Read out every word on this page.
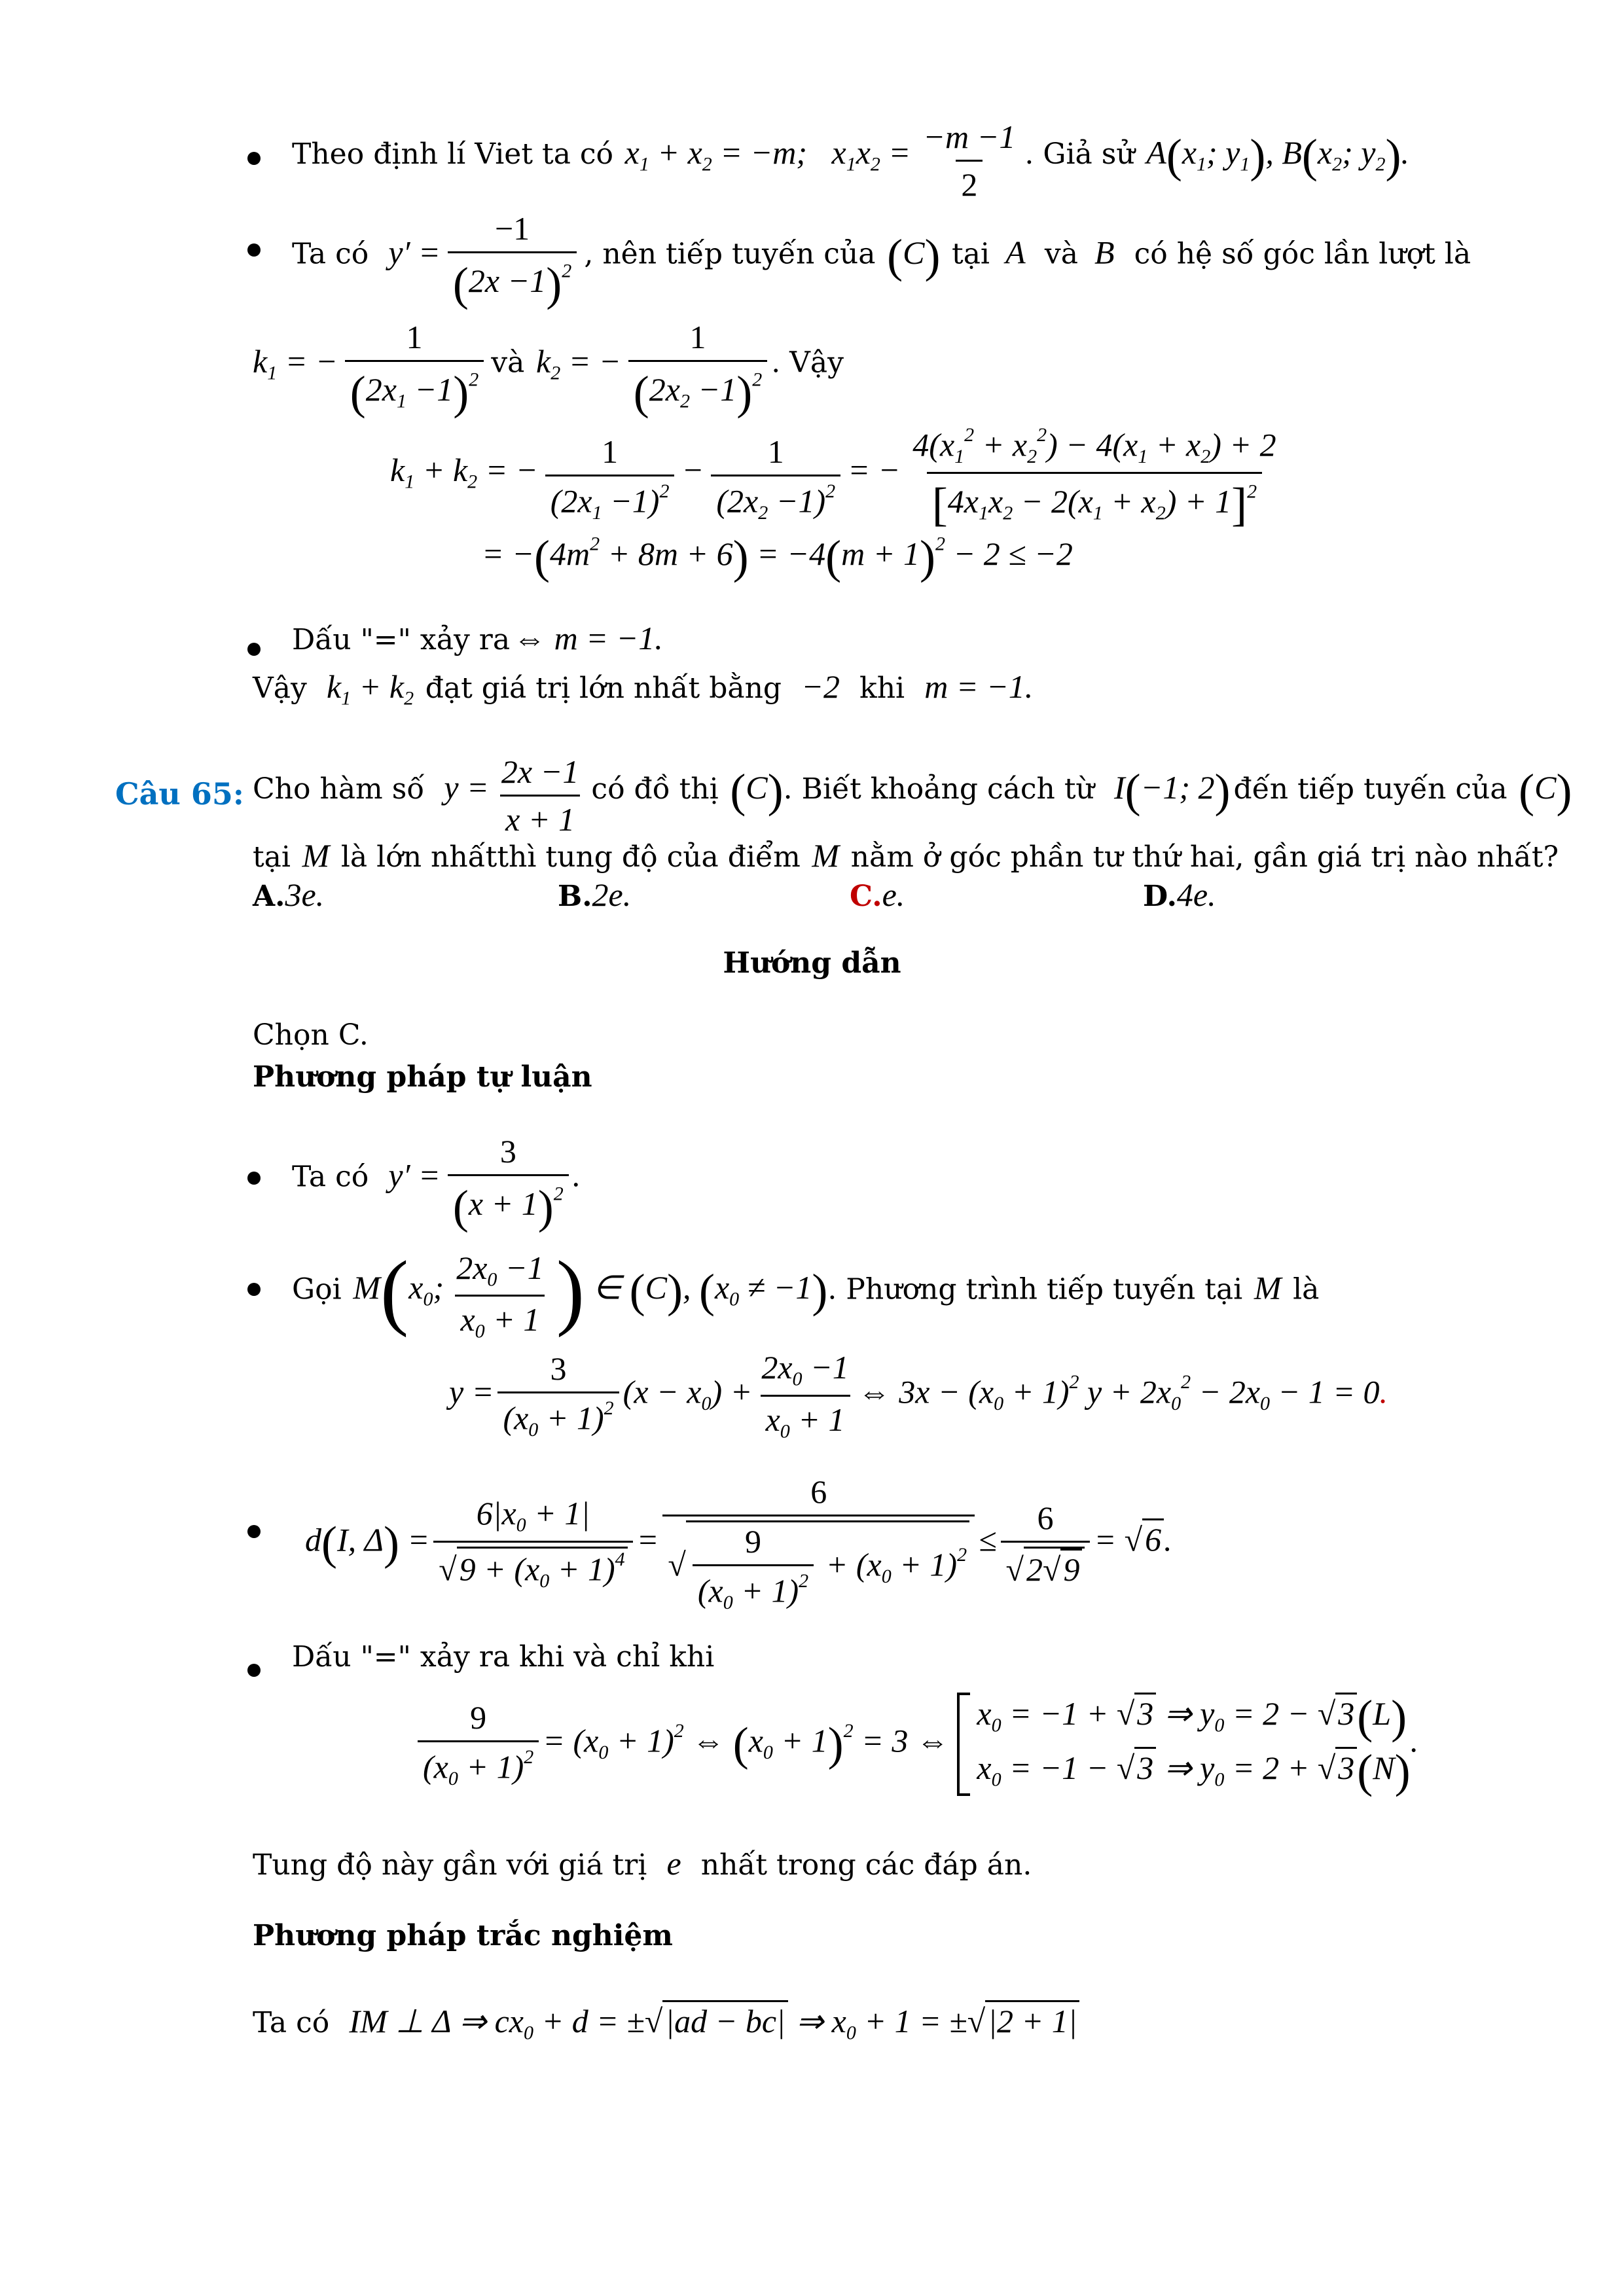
Theo định lí Viet ta có  $x_1 + x_2 = -m$;   $x_1x_2 = \frac{-m -1}{2}$ . Giả sử  $A(x_1$; $y_1$), $B(x_2$; $y_2$).
Ta có   $y' = \frac{-1}{(2x -1)^2}$ , nên tiếp tuyến của (C) tại  A   và  B   có hệ số góc lần lượt là
$k_1$ = − $\frac{1}{(2x_1 -1)^2}$ và  $k_2$ = − $\frac{1}{(2x_2 -1)^2}$ . Vậy
$k_1 + k_2$ = − $\frac{1}{(2x_1 -1)^2} - \frac{1}{(2x_2 -1)^2}$ = − $\frac{4(x_1^2 + x_2^2) - 4(x_1 + x_2) + 2}{[4x_1x_2 - 2(x_1 + x_2) + 1]^2}$
= $-(4m^2 + 8m + 6) = -4(m + 1)^2 - 2 \le -2$
Dấu "=" xảy ra ⇔ m = −1.
Vậy   $k_1 + k_2$ đạt giá trị lớn nhất bằng   −2   khi   m = −1.
Câu 65: Cho hàm số   $y = \frac{2x -1}{x + 1}$ có đồ thị (C). Biết khoảng cách từ   I(−1; 2) đến tiếp tuyến của (C)
tại  M  là lớn nhấtthì tung độ của điểm  M  nằm ở góc phần tư thứ hai, gần giá trị nào nhất?
A.3e.	B.2e.	C.e.	D.4e.
Hướng dẫn
Chọn C.
Phương pháp tự luận
Ta có   $y' = \frac{3}{(x + 1)^2}$ .
Gọi  $M(x_0$; $\frac{2x_0 -1}{x_0 + 1}$ ) ∈ (C), $(x_0 \ne -1)$. Phương trình tiếp tuyến tại  M  là
$y = \frac{3}{(x_0 + 1)^2} (x - x_0) + \frac{2x_0 -1}{x_0 + 1}$ ⇔ $3x - (x_0 + 1)^2$ $y + 2x_0^2 - 2x_0 - 1 = 0$.
d(I, $\Delta) = \frac{6|x_0 + 1|}{√9 + (x_0 + 1)^4} = \frac{6}{√ \frac{9}{(x_0 + 1)^2} + (x_0 + 1)^2} \le \frac{6}{√2√9} = √6$.
Dấu "=" xảy ra khi và chỉ khi
$\frac{9}{(x_0 + 1)^2} = (x_0 + 1)^2$ ⇔ $(x_0 + 1)^2 = 3$ ⇔
$x_0 = -1 + √3$ ⇒ $y_0 = 2 - √3(L)$
$x_0 = -1 - √3$ ⇒ $y_0 = 2 + √3(N)$
.
Tung độ này gần với giá trị   e   nhất trong các đáp án.
Phương pháp trắc nghiệm
Ta có   IM ⊥ Δ ⇒ $cx_0 + d = \pm√|ad - bc|$ ⇒ $x_0 + 1 = \pm√|2 + 1|$
